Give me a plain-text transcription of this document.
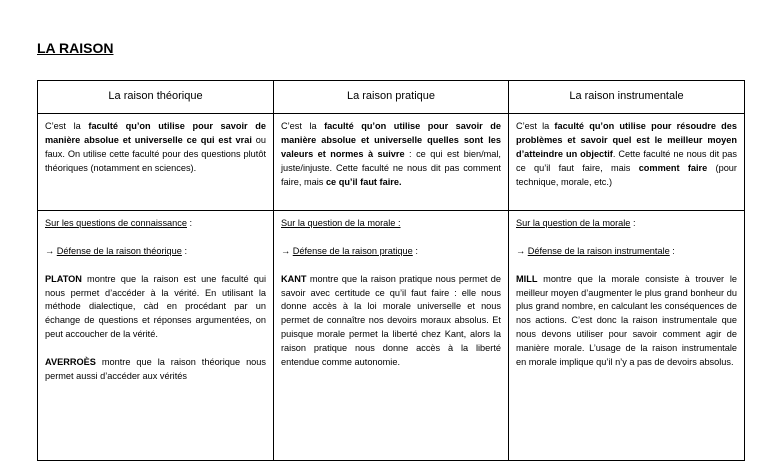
LA RAISON
La raison théorique	La raison pratique	La raison instrumentale

C’est la faculté qu’on utilise pour savoir de manière absolue et universelle ce qui est vrai ou faux. On utilise cette faculté pour des questions plutôt théoriques (notamment en sciences).

C’est la faculté qu’on utilise pour savoir de manière absolue et universelle quelles sont les valeurs et normes à suivre : ce qui est bien/mal, juste/injuste. Cette faculté ne nous dit pas comment faire, mais ce qu’il faut faire.

C’est la faculté qu’on utilise pour résoudre des problèmes et savoir quel est le meilleur moyen d’atteindre un objectif. Cette faculté ne nous dit pas ce qu’il faut faire, mais comment faire (pour technique, morale, etc.)

Sur les questions de connaissance :

→ Défense de la raison théorique :

PLATON montre que la raison est une faculté qui nous permet d’accéder à la vérité. En utilisant la méthode dialectique, càd en procédant par un échange de questions et réponses argumentées, on peut accoucher de la vérité.

AVERROÈS montre que la raison théorique nous permet aussi d’accéder aux vérités

Sur la question de la morale :

→ Défense de la raison pratique :

KANT montre que la raison pratique nous permet de savoir avec certitude ce qu’il faut faire : elle nous donne accès à la loi morale universelle et nous permet de connaître nos devoirs moraux absolus. Et puisque morale permet la liberté chez Kant, alors la raison pratique nous donne accès à la liberté entendue comme autonomie.

Sur la question de la morale :

→ Défense de la raison instrumentale :

MILL montre que la morale consiste à trouver le meilleur moyen d’augmenter le plus grand bonheur du plus grand nombre, en calculant les conséquences de nos actions. C’est donc la raison instrumentale que nous devons utiliser pour savoir comment agir de manière morale. L’usage de la raison instrumentale en morale implique qu’il n’y a pas de devoirs absolus.
